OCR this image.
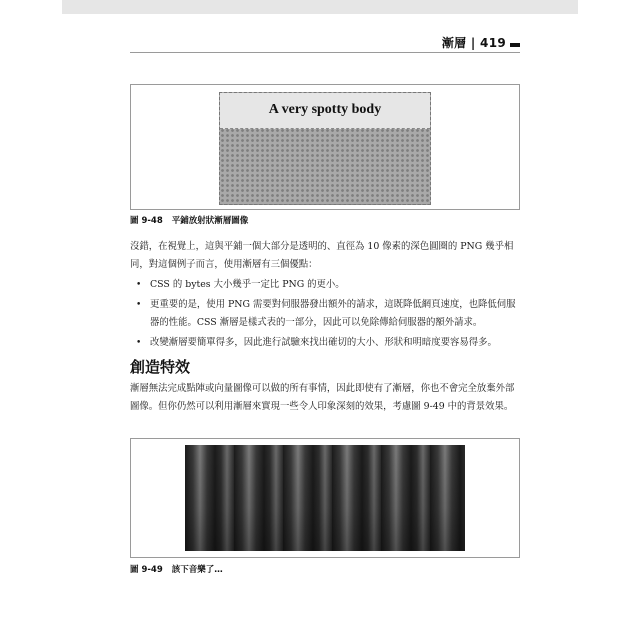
漸層 | 419
A very spotty body
圖 9-48 平鋪放射狀漸層圖像

沒錯，在視覺上，這與平鋪一個大部分是透明的、直徑為 10 像素的深色圓圈的 PNG 幾乎相同，對這個例子而言，使用漸層有三個優點：

• CSS 的 bytes 大小幾乎一定比 PNG 的更小。
• 更重要的是，使用 PNG 需要對伺服器發出額外的請求，這既降低網頁速度，也降低伺服器的性能。CSS 漸層是樣式表的一部分，因此可以免除傳給伺服器的額外請求。
• 改變漸層要簡單得多，因此進行試驗來找出確切的大小、形狀和明暗度要容易得多。
創造特效

漸層無法完成點陣或向量圖像可以做的所有事情，因此即使有了漸層，你也不會完全放棄外部圖像。但你仍然可以利用漸層來實現一些令人印象深刻的效果，考慮圖 9-49 中的背景效果。

圖 9-49 該下音樂了…
